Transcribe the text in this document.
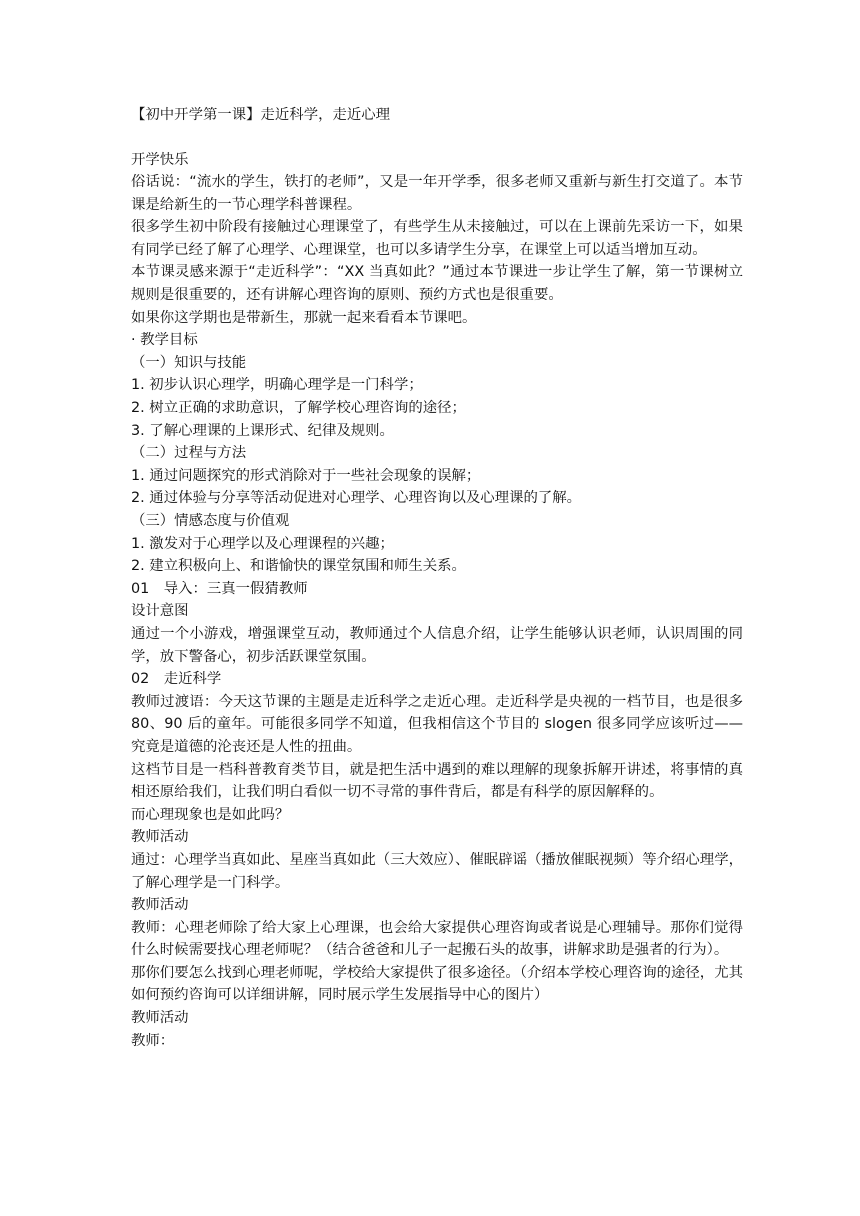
【初中开学第一课】走近科学，走近心理

开学快乐

俗话说：“流水的学生，铁打的老师”，又是一年开学季，很多老师又重新与新生打交道了。本节课是给新生的一节心理学科普课程。

很多学生初中阶段有接触过心理课堂了，有些学生从未接触过，可以在上课前先采访一下，如果有同学已经了解了心理学、心理课堂，也可以多请学生分享，在课堂上可以适当增加互动。

本节课灵感来源于“走近科学”：“XX 当真如此？”通过本节课进一步让学生了解，第一节课树立规则是很重要的，还有讲解心理咨询的原则、预约方式也是很重要。

如果你这学期也是带新生，那就一起来看看本节课吧。

· 教学目标

（一）知识与技能

1. 初步认识心理学，明确心理学是一门科学；

2. 树立正确的求助意识，了解学校心理咨询的途径；

3. 了解心理课的上课形式、纪律及规则。

（二）过程与方法

1. 通过问题探究的形式消除对于一些社会现象的误解；

2. 通过体验与分享等活动促进对心理学、心理咨询以及心理课的了解。

（三）情感态度与价值观

1. 激发对于心理学以及心理课程的兴趣；

2. 建立积极向上、和谐愉快的课堂氛围和师生关系。

01　导入：三真一假猜教师

设计意图

通过一个小游戏，增强课堂互动，教师通过个人信息介绍，让学生能够认识老师，认识周围的同学，放下警备心，初步活跃课堂氛围。

02　走近科学

教师过渡语：今天这节课的主题是走近科学之走近心理。走近科学是央视的一档节目，也是很多 80、90 后的童年。可能很多同学不知道，但我相信这个节目的 slogen 很多同学应该听过——究竟是道德的沦丧还是人性的扭曲。

这档节目是一档科普教育类节目，就是把生活中遇到的难以理解的现象拆解开讲述，将事情的真相还原给我们，让我们明白看似一切不寻常的事件背后，都是有科学的原因解释的。

而心理现象也是如此吗？

教师活动

通过：心理学当真如此、星座当真如此（三大效应）、催眠辟谣（播放催眠视频）等介绍心理学，了解心理学是一门科学。

教师活动

教师：心理老师除了给大家上心理课，也会给大家提供心理咨询或者说是心理辅导。那你们觉得什么时候需要找心理老师呢？（结合爸爸和儿子一起搬石头的故事，讲解求助是强者的行为）。

那你们要怎么找到心理老师呢，学校给大家提供了很多途径。（介绍本学校心理咨询的途径，尤其如何预约咨询可以详细讲解，同时展示学生发展指导中心的图片）

教师活动

教师：
